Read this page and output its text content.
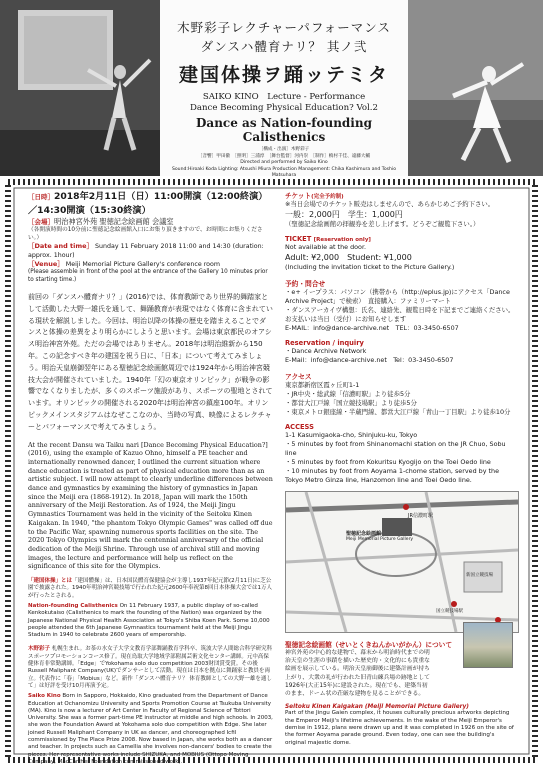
木野彩子レクチャーパフォーマンス
ダンスハ體育ナリ？ 其ノ弐
建国体操ヲ踊ッテミタ
SAIKO KINO　Lecture - Performance
Dance Becoming Physical Education? Vol.2
Dance as Nation-founding Calisthenics
［構成・出演］木野彩子
［音響］甲田徹　［照明］三浦淳　［舞台監督］河内崇　［制作］槙村千佳、遠藤大輔
Directed and performed by Saiko Kino
Sound:Hiroaki Koda Lighting: Atsushi Miura Production Management: Chika Kashimura and Toshio Matsuhara
［日時］2018年2月11日（日）11:00開演（12:00終演）／14:30開演（15:30終演）
［会場］明治神宮外苑 聖徳記念絵画館 会議室
（各開演時間の10分前に聖徳記念絵画館入口にお集り頂きますので、お時間にお集りください。）
［Date and time］ Sunday 11 February 2018 11:00 and 14:30 (duration: approx. 1hour)
［Venue］ Meiji Memorial Picture Gallery's conference room
(Please assemble in front of the pool at the entrance of the Gallery 10 minutes prior to starting time.)
前回の「ダンスハ體育ナリ？」(2016)では、体育教師であり世界的舞踏家として活動した大野一雄氏を通して、舞踊教育が表現ではなく体育に含まれている現状を解説しました。今回は、明治以降の体操の歴史を踏まえることでダンスと体操の差異をより明らかにしようと思います。会場は東京都民のオアシス明治神宮外苑。ただの会場ではありません。2018年は明治維新から150年。この記念すべき年の建国を祝う日に、「日本」について考えてみましょう。明治天皇崩御翌年にある聖徳記念絵画館周辺では1924年から明治神宮競技大会が開催されていました。1940年「幻の東京オリンピック」が戦争の影響でなくなりましたが、多くのスポーツ施設があり、スポーツの聖地とされています。オリンピックの開催される2020年は明治神宮の鎮座100年。オリンピックメインスタジアムはなぜここなのか、当時の写真、映像によるレクチャーとパフォーマンスで考えてみましょう。
At the recent Dansu wa Taiku nari [Dance Becoming Physical Education?] (2016), using the example of Kazuo Ohno, himself a PE teacher and internationally renowned dancer, I outlined the current situation where dance education is treated as part of physical education more than as an artistic subject. I will now attempt to clearly underline differences between dance and gymnastics by examining the history of gymnastics in Japan since the Meiji era (1868-1912). In 2018, Japan will mark the 150th anniversary of the Meiji Restoration. As of 1924, the Meiji Jingu Gymnastics Tournament was held in the vicinity of the Seitoku Kinen Kaigakan. In 1940, "the phantom Tokyo Olympic Games" was called off due to the Pacific War, spawning numerous sports facilities on the site. The 2020 Tokyo Olympics will mark the centennial anniversary of the official dedication of the Meiji Shrine. Through use of archival still and moving images, the lecture and performance will help us reflect on the significance of this site for the Olympics.
「建国体操」とは「建国體操」は、日本国民體育保健協会が主導し1937年紀元節(2月11日)に芝公園で披露された。1940年明治神宮競技場で行われた紀元2600年奉祝第8回日本体操大会では1万人が行ったとされる。
Nation-founding Calisthenics On 11 February 1937, a public display of so-called Kenkokutaiso (Calisthenics to mark the founding of the Nation) was organized by the Japanese National Physical Health Association at Tokyo's Shiba Koen Park. Some 10,000 people attended the 6th Japanese Gymnastics tournament held at the Meiji Jingu Stadium in 1940 to celebrate 2600 years of emperorship.
木野彩子 札幌生まれ。お茶の水女子大学文教育学部舞踊教育学科卒、筑波大学人間総合科学研究科スポーツプロモーションコース修了。現在鳥取大学地域学部附属芸術文化センター講師。元中高保健体育非常勤講師。「Edge」でYokohama solo duo competition 2003財団賞受賞。その後Russell Maliphant Company(UK)でダンサーとして活動。現在は日本を拠点に舞踊家と教員を両立。代表作に「春」「Mobius」など。新作「ダンスハ體育ナリ？ 体育教師としての大野一雄を通して」は好評を受け10月再演予定。
Saiko Kino Born in Sapporo, Hokkaido, Kino graduated from the Department of Dance Education at Ochanomizu University and Sports Promotion Course at Tsukuba University (MA). Kino is now a lecturer of Art Center in Faculty of Regional Science of Tottori University. She was a former part-time PE instructor at middle and high schools. In 2003, she won the Foundation Award at Yokohama solo duo competition with Edge. She later joined Russell Maliphant Company in UK as dancer, and choreographed Icfil commissioned by The Place Prize 2008. Now based in Japan, she works both as a dancer and teacher. In projects such as Camellia she involves non-dancers' bodies to create the pieces. Her representative works include SHIZUKA, and MOBIUS (Ottopo Moving Company, MacCarther Foundation commissioned work).
チケット(完全予約制)
※当日会場でのチケット販売はしませんので、あらかじめご予約下さい。
一般：2,000円　学生：1,000円
（聖徳記念絵画館の拝観券を差し上げます。どうぞご観覧下さい。）
TICKET [Reservation only]
Not available at the door.
Adult: ¥2,000　Student: ¥1,000
(Including the invitation ticket to the Picture Gallery.)
予約・問合せ
・e+ イープラス：パソコン（携帯から（http://eplus.jp)にアクセス「Dance Archive Project」で検索）　直接購入：ファミリーマート
・ダンスアーカイヴ構想：氏名、連絡先、観覧日時を下記までご連絡ください。お支払いは当日（受付）にお知らせします
E-MAIL：info@dance-archive.net　TEL：03-3450-6507
Reservation / inquiry
・Dance Archive Network
E-Mail：info@dance-archive.net　Tel：03-3450-6507
アクセス
東京都新宿区霞ヶ丘町1-1
・JR中央・総武線「信濃町駅」より徒歩5分
・都営大江戸線「国立競技場駅」より徒歩5分
・東京メトロ銀座線・半蔵門線、都営大江戸線「青山一丁目駅」より徒歩10分
ACCESS
1-1 Kasumigaoka-cho, Shinjuku-ku, Tokyo
・5 minutes by foot from Shinanomachi station on the JR Chuo, Sobu line
・5 minutes by foot from Kokuritsu Kyogijo on the Toei Oedo line
・10 minutes by foot from Aoyama 1-chome station, served by the Tokyo Metro Ginza line, Hanzomon line and Toei Oedo line.
JR信濃町駅
聖徳記念絵画館
Meiji Memorial Picture Gallery
新国立競技場
国立競技場駅
聖徳記念絵画館（せいとくきねんかいがかん）について
神宮外苑の中心的な建物で、幕末から明治時代までの明治天皇の生涯の事蹟を描いた歴史的・文化的にも貴重な絵画を展示している。明治天皇崩御後に建築計画が持ち上がり、大衆の礼が行われた旧青山練兵場の跡地として1926年(大正15年)に建設された。現在でも、建築当初のまま、ドーム状の荘厳な建物を見ることができる。
Seitoku Kinen Kaigakan (Meiji Memorial Picture Gallery)
Part of the Jingu Gaien complex, it houses culturally precious artworks depicting the Emperor Meiji's lifetime achievements. In the wake of the Meiji Emperor's demise in 1912, plans were drawn up and it was completed in 1926 on the site of the former Aoyama parade ground. Even today, one can see the building's original majestic dome.
